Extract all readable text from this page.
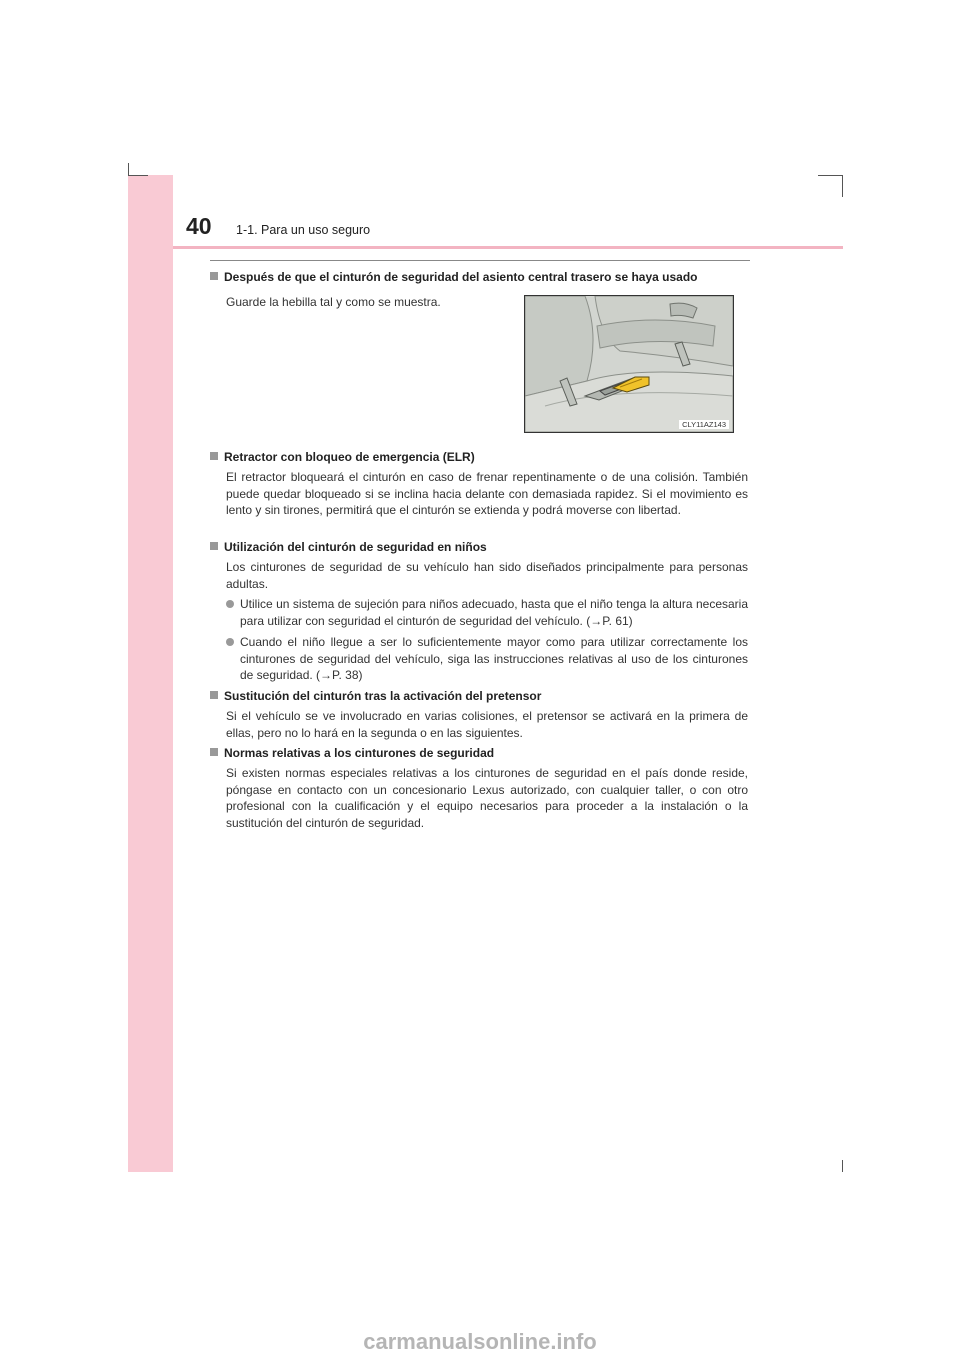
40 1-1. Para un uso seguro
Después de que el cinturón de seguridad del asiento central trasero se haya usado
Guarde la hebilla tal y como se muestra.
CLY11AZ143
Retractor con bloqueo de emergencia (ELR)
El retractor bloqueará el cinturón en caso de frenar repentinamente o de una colisión. También puede quedar bloqueado si se inclina hacia delante con demasiada rapidez. Si el movimiento es lento y sin tirones, permitirá que el cinturón se extienda y podrá moverse con libertad.
Utilización del cinturón de seguridad en niños
Los cinturones de seguridad de su vehículo han sido diseñados principalmente para personas adultas.
Utilice un sistema de sujeción para niños adecuado, hasta que el niño tenga la altura necesaria para utilizar con seguridad el cinturón de seguridad del vehículo. (→P. 61)
Cuando el niño llegue a ser lo suficientemente mayor como para utilizar correctamente los cinturones de seguridad del vehículo, siga las instrucciones relativas al uso de los cinturones de seguridad. (→P. 38)
Sustitución del cinturón tras la activación del pretensor
Si el vehículo se ve involucrado en varias colisiones, el pretensor se activará en la primera de ellas, pero no lo hará en la segunda o en las siguientes.
Normas relativas a los cinturones de seguridad
Si existen normas especiales relativas a los cinturones de seguridad en el país donde reside, póngase en contacto con un concesionario Lexus autorizado, con cualquier taller, o con otro profesional con la cualificación y el equipo necesarios para proceder a la instalación o la sustitución del cinturón de seguridad.
carmanualsonline.info
